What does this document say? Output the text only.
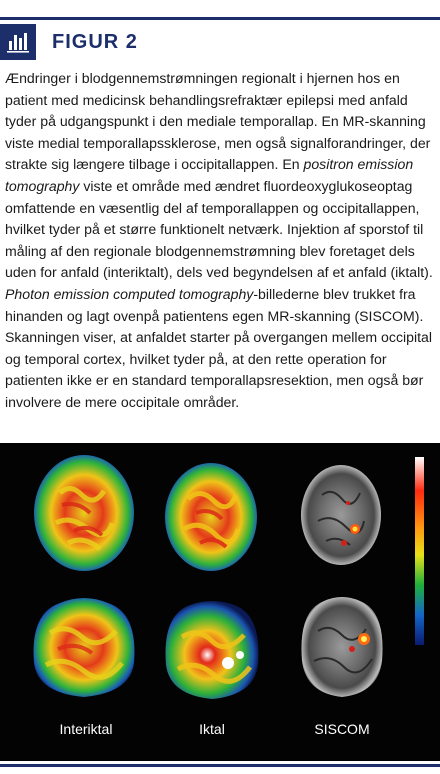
FIGUR 2
Ændringer i blodgennemstrømningen regionalt i hjernen hos en patient med medicinsk behandlingsrefraktær epilepsi med anfald tyder på udgangspunkt i den mediale temporallap. En MR-skanning viste medial temporallapssklerose, men også signalforandringer, der strakte sig længere tilbage i occipitallappen. En positron emission tomography viste et område med ændret fluordeoxyglukoseoptag omfattende en væsentlig del af temporallappen og occipitallappen, hvilket tyder på et større funktionelt netværk. Injektion af sporstof til måling af den regionale blodgennemstrømning blev foretaget dels uden for anfald (interiktalt), dels ved begyndelsen af et anfald (iktalt). Photon emission computed tomography-billederne blev trukket fra hinanden og lagt ovenpå patientens egen MR-skanning (SISCOM). Skanningen viser, at anfaldet starter på overgangen mellem occipital og temporal cortex, hvilket tyder på, at den rette operation for patienten ikke er en standard temporallapsresektion, men også bør involvere de mere occipitale områder.
Interiktal	Iktal	SISCOM
